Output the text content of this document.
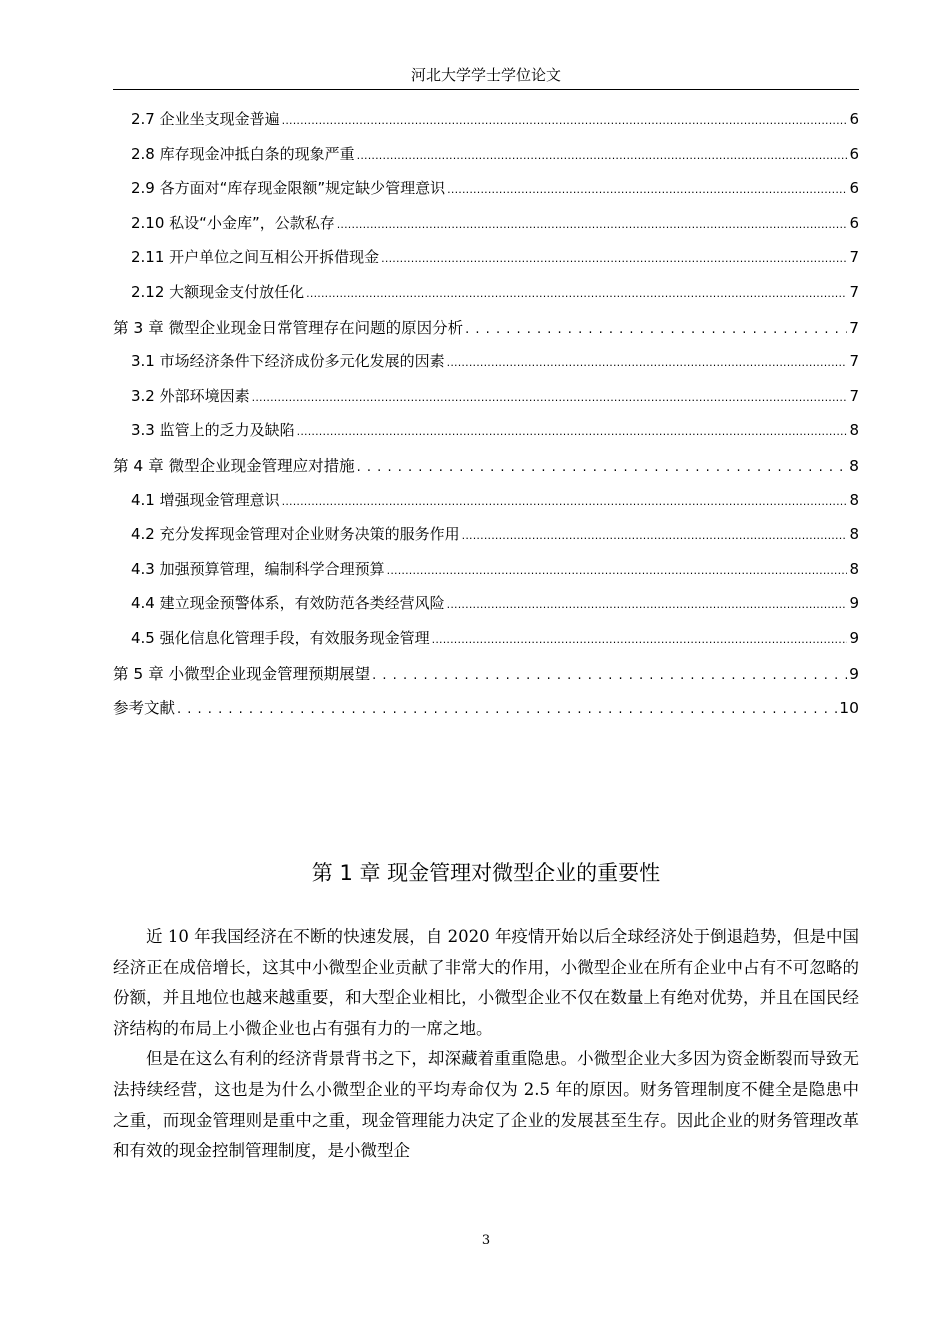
河北大学学士学位论文
2.7 企业坐支现金普遍 .....	6
2.8 库存现金冲抵白条的现象严重 .....	6
2.9 各方面对“库存现金限额”规定缺少管理意识 .....	6
2.10 私设“小金库”，公款私存 .....	6
2.11 开户单位之间互相公开拆借现金 .....	7
2.12 大额现金支付放任化 .....	7
第 3 章 微型企业现金日常管理存在问题的原因分析 . . .	7
3.1 市场经济条件下经济成份多元化发展的因素 .....	7
3.2 外部环境因素 .....	7
3.3 监管上的乏力及缺陷 .....	8
第 4 章 微型企业现金管理应对措施 . . .	8
4.1 增强现金管理意识 .....	8
4.2 充分发挥现金管理对企业财务决策的服务作用 .....	8
4.3 加强预算管理，编制科学合理预算 .....	8
4.4 建立现金预警体系，有效防范各类经营风险 .....	9
4.5 强化信息化管理手段，有效服务现金管理 .....	9
第 5 章 小微型企业现金管理预期展望 . . .	9
参考文献 . . .	10
第 1 章 现金管理对微型企业的重要性

近 10 年我国经济在不断的快速发展，自 2020 年疫情开始以后全球经济处于倒退趋势，但是中国经济正在成倍增长，这其中小微型企业贡献了非常大的作用，小微型企业在所有企业中占有不可忽略的份额，并且地位也越来越重要，和大型企业相比，小微型企业不仅在数量上有绝对优势，并且在国民经济结构的布局上小微企业也占有强有力的一席之地。

但是在这么有利的经济背景背书之下，却深藏着重重隐患。小微型企业大多因为资金断裂而导致无法持续经营，这也是为什么小微型企业的平均寿命仅为 2.5 年的原因。财务管理制度不健全是隐患中之重，而现金管理则是重中之重，现金管理能力决定了企业的发展甚至生存。因此企业的财务管理改革和有效的现金控制管理制度，是小微型企

3
